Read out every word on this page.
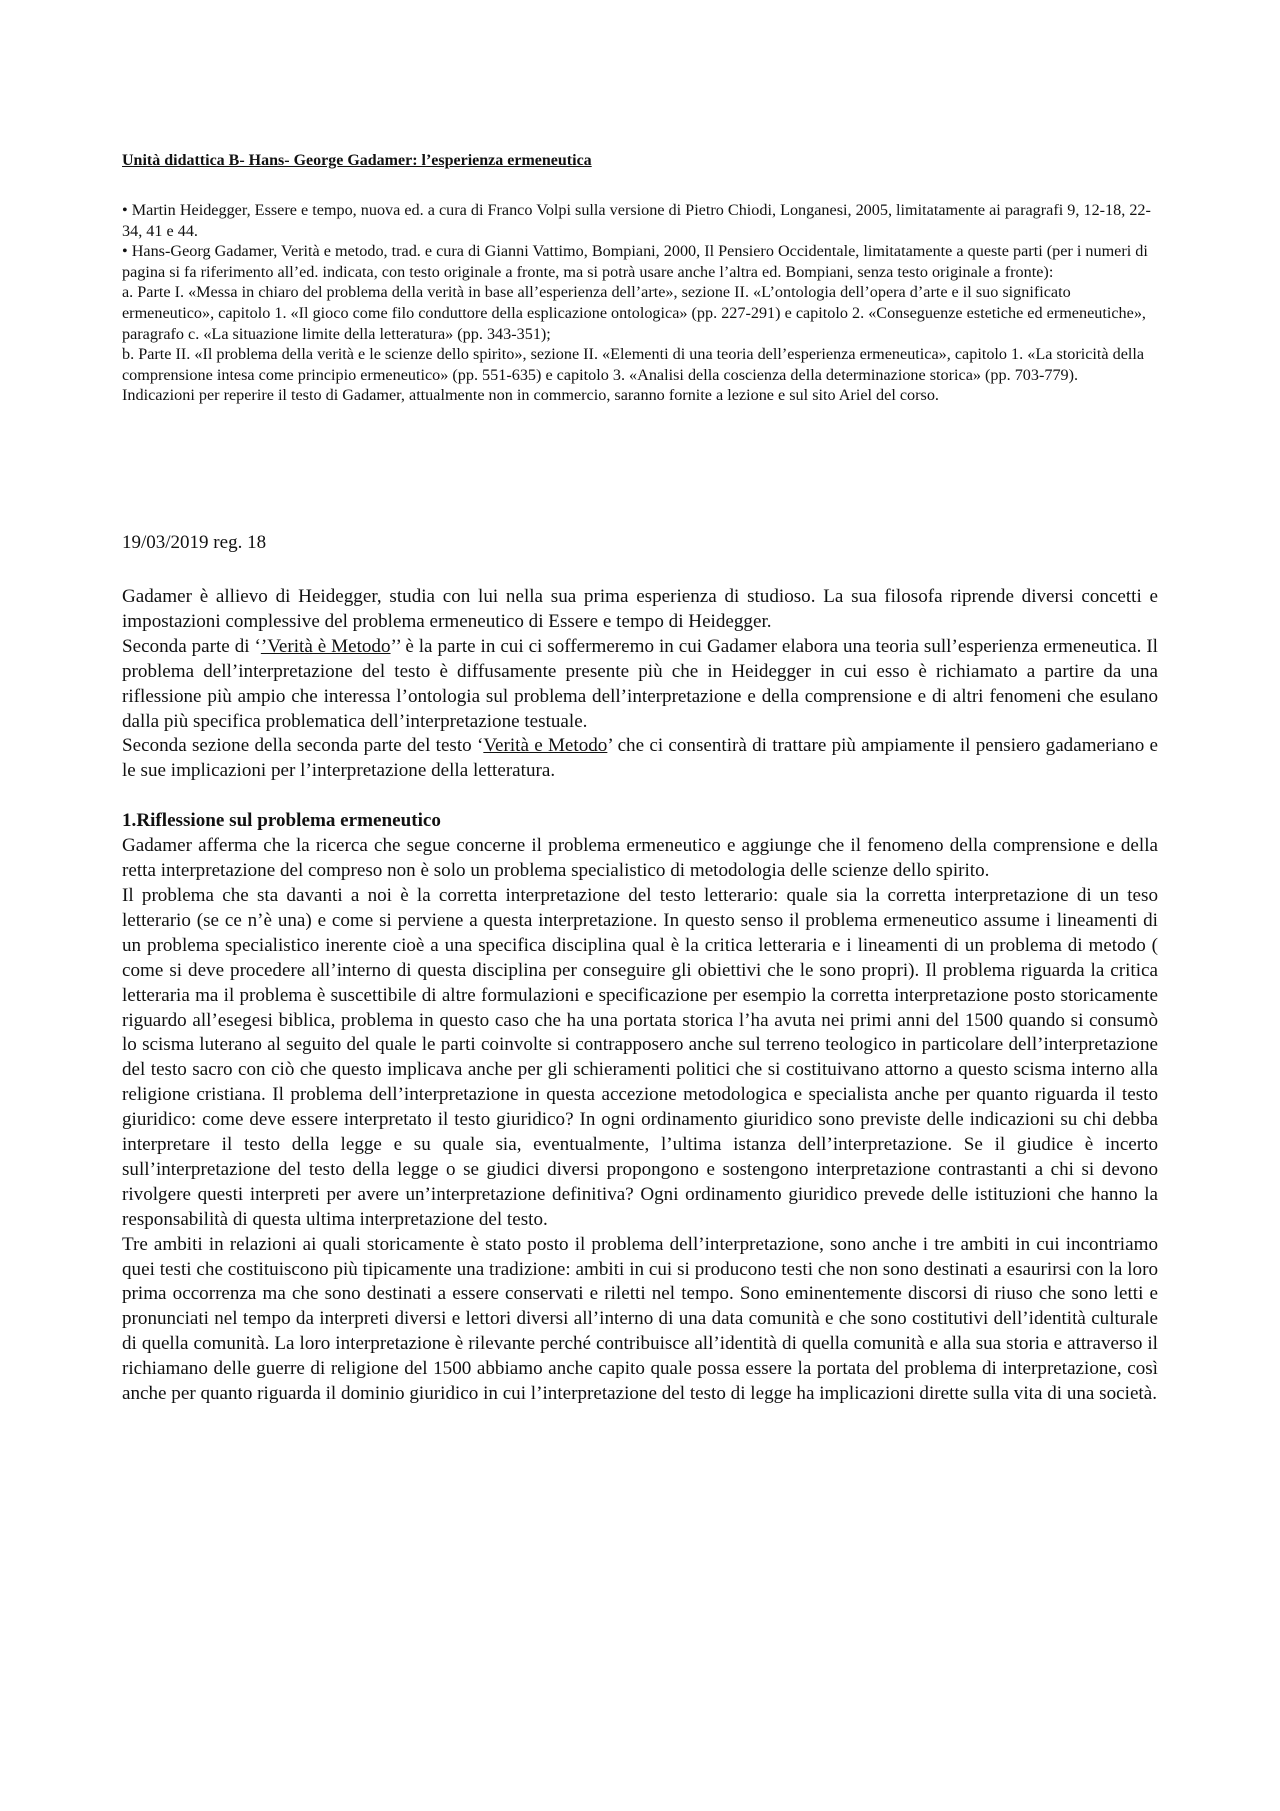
Unità didattica B- Hans- George Gadamer: l’esperienza ermeneutica

• Martin Heidegger, Essere e tempo, nuova ed. a cura di Franco Volpi sulla versione di Pietro Chiodi, Longanesi, 2005, limitatamente ai paragrafi 9, 12-18, 22-34, 41 e 44.

• Hans-Georg Gadamer, Verità e metodo, trad. e cura di Gianni Vattimo, Bompiani, 2000, Il Pensiero Occidentale, limitatamente a queste parti (per i numeri di pagina si fa riferimento all’ed. indicata, con testo originale a fronte, ma si potrà usare anche l’altra ed. Bompiani, senza testo originale a fronte):

a. Parte I. «Messa in chiaro del problema della verità in base all’esperienza dell’arte», sezione II. «L’ontologia dell’opera d’arte e il suo significato ermeneutico», capitolo 1. «Il gioco come filo conduttore della esplicazione ontologica» (pp. 227-291) e capitolo 2. «Conseguenze estetiche ed ermeneutiche», paragrafo c. «La situazione limite della letteratura» (pp. 343-351);

b. Parte II. «Il problema della verità e le scienze dello spirito», sezione II. «Elementi di una teoria dell’esperienza ermeneutica», capitolo 1. «La storicità della comprensione intesa come principio ermeneutico» (pp. 551-635) e capitolo 3. «Analisi della coscienza della determinazione storica» (pp. 703-779).

Indicazioni per reperire il testo di Gadamer, attualmente non in commercio, saranno fornite a lezione e sul sito Ariel del corso.

19/03/2019 reg. 18

Gadamer è allievo di Heidegger, studia con lui nella sua prima esperienza di studioso. La sua filosofa riprende diversi concetti e impostazioni complessive del problema ermeneutico di Essere e tempo di Heidegger.

Seconda parte di ‘’Verità è Metodo’’ è la parte in cui ci soffermeremo in cui Gadamer elabora una teoria sull’esperienza ermeneutica. Il problema dell’interpretazione del testo è diffusamente presente più che in Heidegger in cui esso è richiamato a partire da una riflessione più ampio che interessa l’ontologia sul problema dell’interpretazione e della comprensione e di altri fenomeni che esulano dalla più specifica problematica dell’interpretazione testuale.

Seconda sezione della seconda parte del testo ‘Verità e Metodo’ che ci consentirà di trattare più ampiamente il pensiero gadameriano e le sue implicazioni per l’interpretazione della letteratura.

1.Riflessione sul problema ermeneutico

Gadamer afferma che la ricerca che segue concerne il problema ermeneutico e aggiunge che il fenomeno della comprensione e della retta interpretazione del compreso non è solo un problema specialistico di metodologia delle scienze dello spirito.

Il problema che sta davanti a noi è la corretta interpretazione del testo letterario: quale sia la corretta interpretazione di un teso letterario (se ce n’è una) e come si perviene a questa interpretazione. In questo senso il problema ermeneutico assume i lineamenti di un problema specialistico inerente cioè a una specifica disciplina qual è la critica letteraria e i lineamenti di un problema di metodo ( come si deve procedere all’interno di questa disciplina per conseguire gli obiettivi che le sono propri). Il problema riguarda la critica letteraria ma il problema è suscettibile di altre formulazioni e specificazione per esempio la corretta interpretazione posto storicamente riguardo all’esegesi biblica, problema in questo caso che ha una portata storica l’ha avuta nei primi anni del 1500 quando si consumò lo scisma luterano al seguito del quale le parti coinvolte si contrapposero anche sul terreno teologico in particolare dell’interpretazione del testo sacro con ciò che questo implicava anche per gli schieramenti politici che si costituivano attorno a questo scisma interno alla religione cristiana. Il problema dell’interpretazione in questa accezione metodologica e specialista anche per quanto riguarda il testo giuridico: come deve essere interpretato il testo giuridico? In ogni ordinamento giuridico sono previste delle indicazioni su chi debba interpretare il testo della legge e su quale sia, eventualmente, l’ultima istanza dell’interpretazione. Se il giudice è incerto sull’interpretazione del testo della legge o se giudici diversi propongono e sostengono interpretazione contrastanti a chi si devono rivolgere questi interpreti per avere un’interpretazione definitiva? Ogni ordinamento giuridico prevede delle istituzioni che hanno la responsabilità di questa ultima interpretazione del testo.

Tre ambiti in relazioni ai quali storicamente è stato posto il problema dell’interpretazione, sono anche i tre ambiti in cui incontriamo quei testi che costituiscono più tipicamente una tradizione: ambiti in cui si producono testi che non sono destinati a esaurirsi con la loro prima occorrenza ma che sono destinati a essere conservati e riletti nel tempo. Sono eminentemente discorsi di riuso che sono letti e pronunciati nel tempo da interpreti diversi e lettori diversi all’interno di una data comunità e che sono costitutivi dell’identità culturale di quella comunità. La loro interpretazione è rilevante perché contribuisce all’identità di quella comunità e alla sua storia e attraverso il richiamano delle guerre di religione del 1500 abbiamo anche capito quale possa essere la portata del problema di interpretazione, così anche per quanto riguarda il dominio giuridico in cui l’interpretazione del testo di legge ha implicazioni dirette sulla vita di una società.
